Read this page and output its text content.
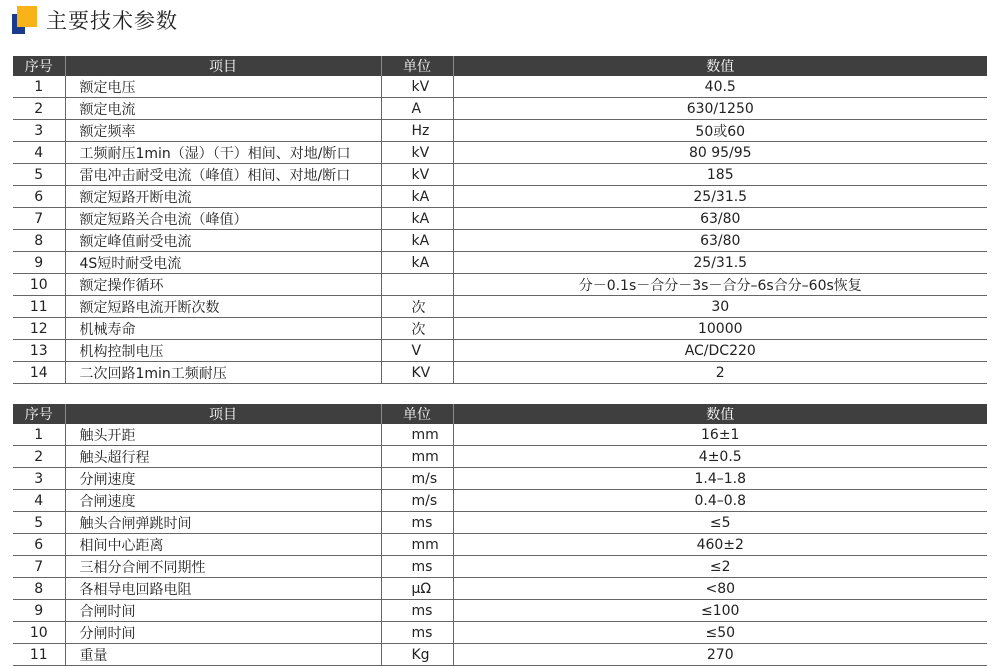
主要技术参数
序号	项目	单位	数值
1	额定电压	kV	40.5
2	额定电流	A	630/1250
3	额定频率	Hz	50或60
4	工频耐压1min（湿）（干）相间、对地/断口	kV	80 95/95
5	雷电冲击耐受电流（峰值）相间、对地/断口	kV	185
6	额定短路开断电流	kA	25/31.5
7	额定短路关合电流（峰值）	kA	63/80
8	额定峰值耐受电流	kA	63/80
9	4S短时耐受电流	kA	25/31.5
10	额定操作循环		分－0.1s－合分－3s－合分–6s合分–60s恢复
11	额定短路电流开断次数	次	30
12	机械寿命	次	10000
13	机构控制电压	V	AC/DC220
14	二次回路1min工频耐压	KV	2
序号	项目	单位	数值
1	触头开距	mm	16±1
2	触头超行程	mm	4±0.5
3	分闸速度	m/s	1.4–1.8
4	合闸速度	m/s	0.4–0.8
5	触头合闸弹跳时间	ms	≤5
6	相间中心距离	mm	460±2
7	三相分合闸不同期性	ms	≤2
8	各相导电回路电阻	μΩ	<80
9	合闸时间	ms	≤100
10	分闸时间	ms	≤50
11	重量	Kg	270
